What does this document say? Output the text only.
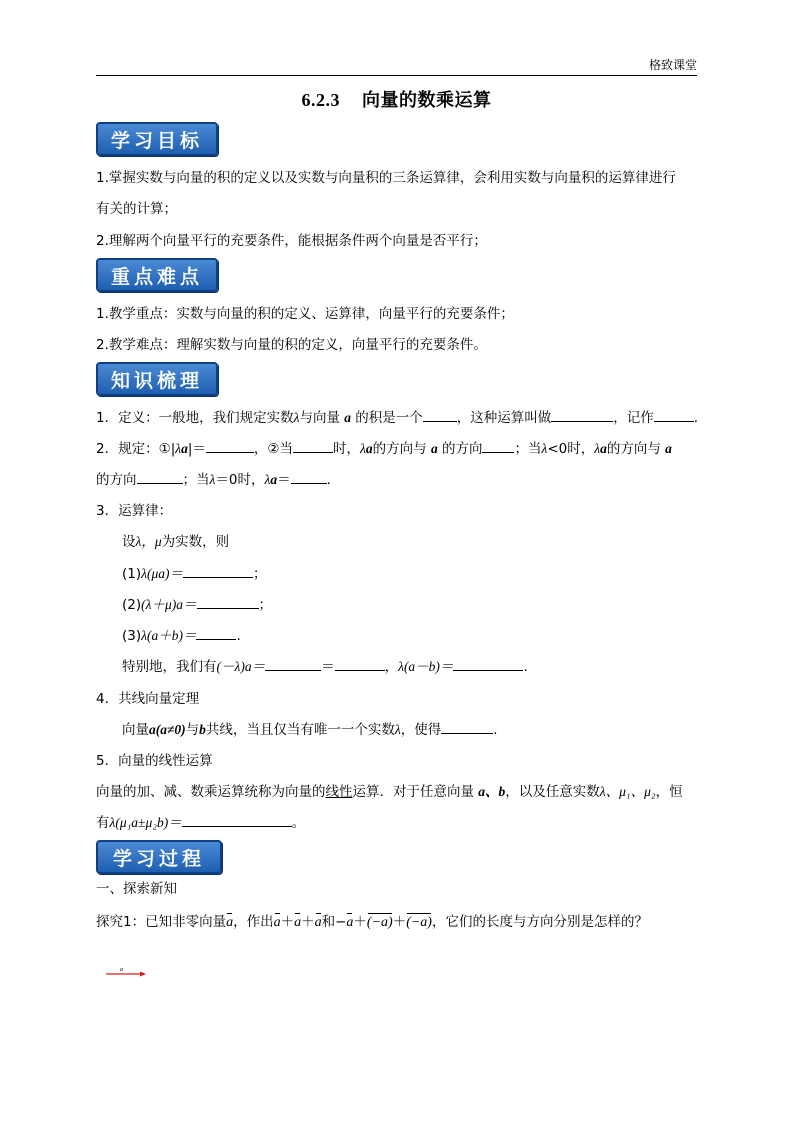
格致课堂
6.2.3 向量的数乘运算
学习目标
1.掌握实数与向量的积的定义以及实数与向量积的三条运算律，会利用实数与向量积的运算律进行
有关的计算；
2.理解两个向量平行的充要条件，能根据条件两个向量是否平行；
重点难点
1.教学重点：实数与向量的积的定义、运算律，向量平行的充要条件；
2.教学难点：理解实数与向量的积的定义，向量平行的充要条件。
知识梳理
1．定义：一般地，我们规定实数λ与向量 a 的积是一个	，这种运算叫做	，记作	.
2．规定：①|λa|＝	，②当	时，λa的方向与 a 的方向 ；当λ<0时，λa的方向与 a
的方向	；当λ＝0时，λa＝	.
3．运算律：
设λ，μ为实数，则
(1)λ(μa)＝	；
(2)(λ＋μ)a＝	；
(3)λ(a＋b)＝	.
特别地，我们有(－λ)a＝	＝	，λ(a－b)＝	.
4．共线向量定理
向量a(a≠0)与b共线，当且仅当有唯一一个实数λ，使得	.
5．向量的线性运算
向量的加、减、数乘运算统称为向量的线性运算．对于任意向量 a、b，以及任意实数λ、μ₁、μ₂，恒
有λ(μ₁a±μ₂b)＝	。
学习过程
一、探索新知
探究1：已知非零向量a，作出a＋a＋a和−a＋(−a)＋(−a)，它们的长度与方向分别是怎样的？
a
